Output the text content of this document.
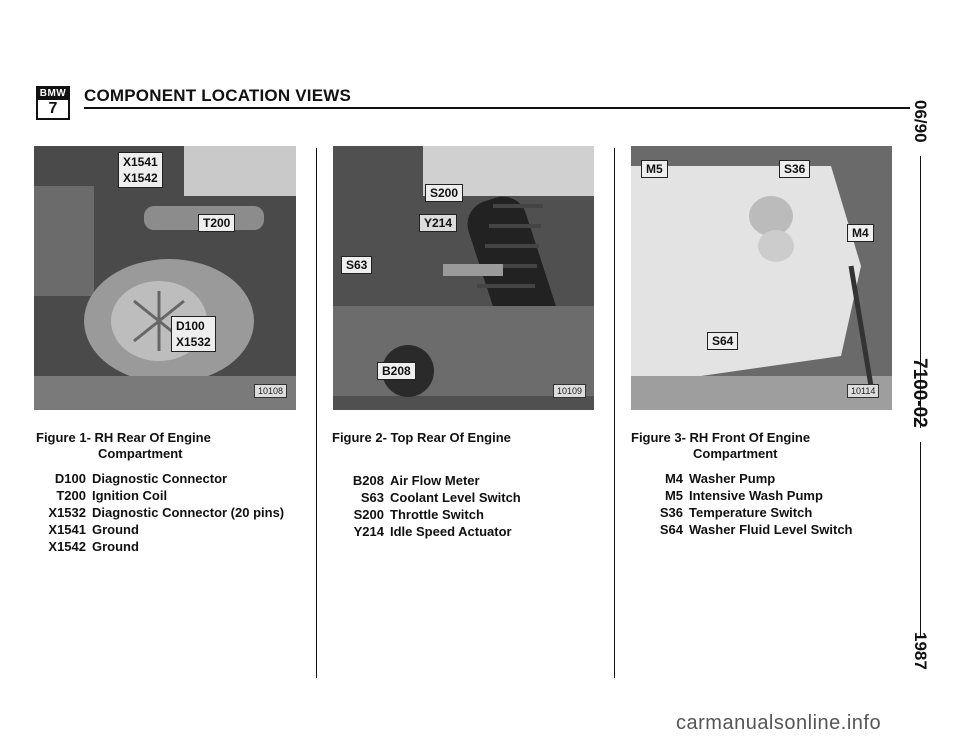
BMW
7
COMPONENT LOCATION VIEWS
06/90
7100-02
1987
X1541
X1542
T200
D100
X1532
10108
S200
Y214
S63
B208
10109
M5	S36
M4
S64
10114
Figure 1- RH Rear Of Engine
Compartment
D100 Diagnostic Connector
T200 Ignition Coil
X1532 Diagnostic Connector (20 pins)
X1541 Ground
X1542 Ground
Figure 2- Top Rear Of Engine
B208 Air Flow Meter
S63 Coolant Level Switch
S200 Throttle Switch
Y214 Idle Speed Actuator
Figure 3- RH Front Of Engine
Compartment
M4 Washer Pump
M5 Intensive Wash Pump
S36 Temperature Switch
S64 Washer Fluid Level Switch
carmanualsonline.info
